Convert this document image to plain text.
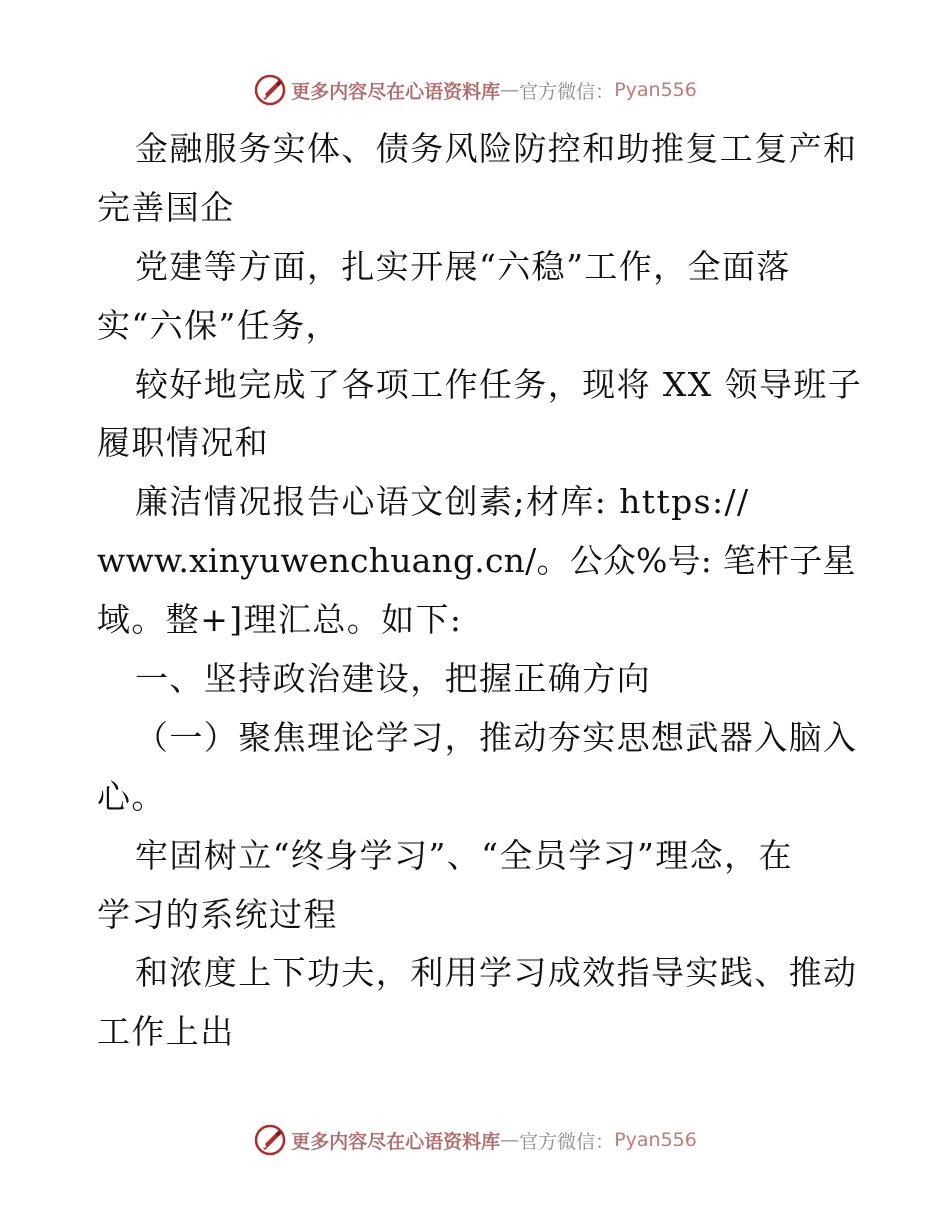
更多内容尽在心语资料库 — 官方微信： Pyan556
金融服务实体、债务风险防控和助推复工复产和
完善国企
党建等方面，扎实开展“六稳”工作，全面落
实“六保”任务，
较好地完成了各项工作任务，现将 XX 领导班子
履职情况和
廉洁情况报告心语文创素;材库: https://
www.xinyuwenchuang.cn/。公众%号: 笔杆子星
域。整+]理汇总。如下:
一、坚持政治建设，把握正确方向
（一）聚焦理论学习，推动夯实思想武器入脑入
心。
牢固树立“终身学习”、“全员学习”理念，在
学习的系统过程
和浓度上下功夫，利用学习成效指导实践、推动
工作上出
更多内容尽在心语资料库 — 官方微信： Pyan556
